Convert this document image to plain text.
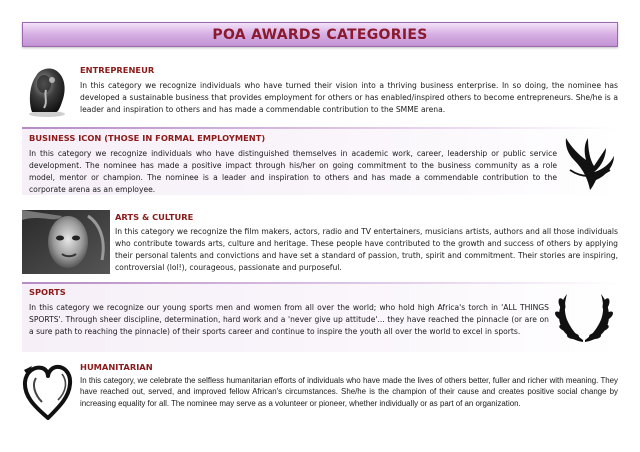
POA AWARDS CATEGORIES
ENTREPRENEUR
In this category we recognize individuals who have turned their vision into a thriving business enterprise. In so doing, the nominee has developed a sustainable business that provides employment for others or has enabled/inspired others to become entrepreneurs. She/he is a leader and inspiration to others and has made a commendable contribution to the SMME arena.
BUSINESS ICON (THOSE IN FORMAL EMPLOYMENT)
In this category we recognize individuals who have distinguished themselves in academic work, career, leadership or public service development. The nominee has made a positive impact through his/her on going commitment to the business community as a role model, mentor or champion. The nominee is a leader and inspiration to others and has made a commendable contribution to the corporate arena as an employee.
ARTS & CULTURE
In this category we recognize the film makers, actors, radio and TV entertainers, musicians artists, authors and all those individuals who contribute towards arts, culture and heritage. These people have contributed to the growth and success of others by applying their personal talents and convictions and have set a standard of passion, truth, spirit and commitment. Their stories are inspiring, controversial (lol!), courageous, passionate and purposeful.
SPORTS
In this category we recognize our young sports men and women from all over the world; who hold high Africa's torch in 'ALL THINGS SPORTS'. Through sheer discipline, determination, hard work and a 'never give up attitude'... they have reached the pinnacle (or are on a sure path to reaching the pinnacle) of their sports career and continue to inspire the youth all over the world to excel in sports.
HUMANITARIAN
In this category, we celebrate the selfless humanitarian efforts of individuals who have made the lives of others better, fuller and richer with meaning. They have reached out, served, and improved fellow African's circumstances. She/he is the champion of their cause and creates positive social change by increasing equality for all. The nominee may serve as a volunteer or pioneer, whether individually or as part of an organization.
